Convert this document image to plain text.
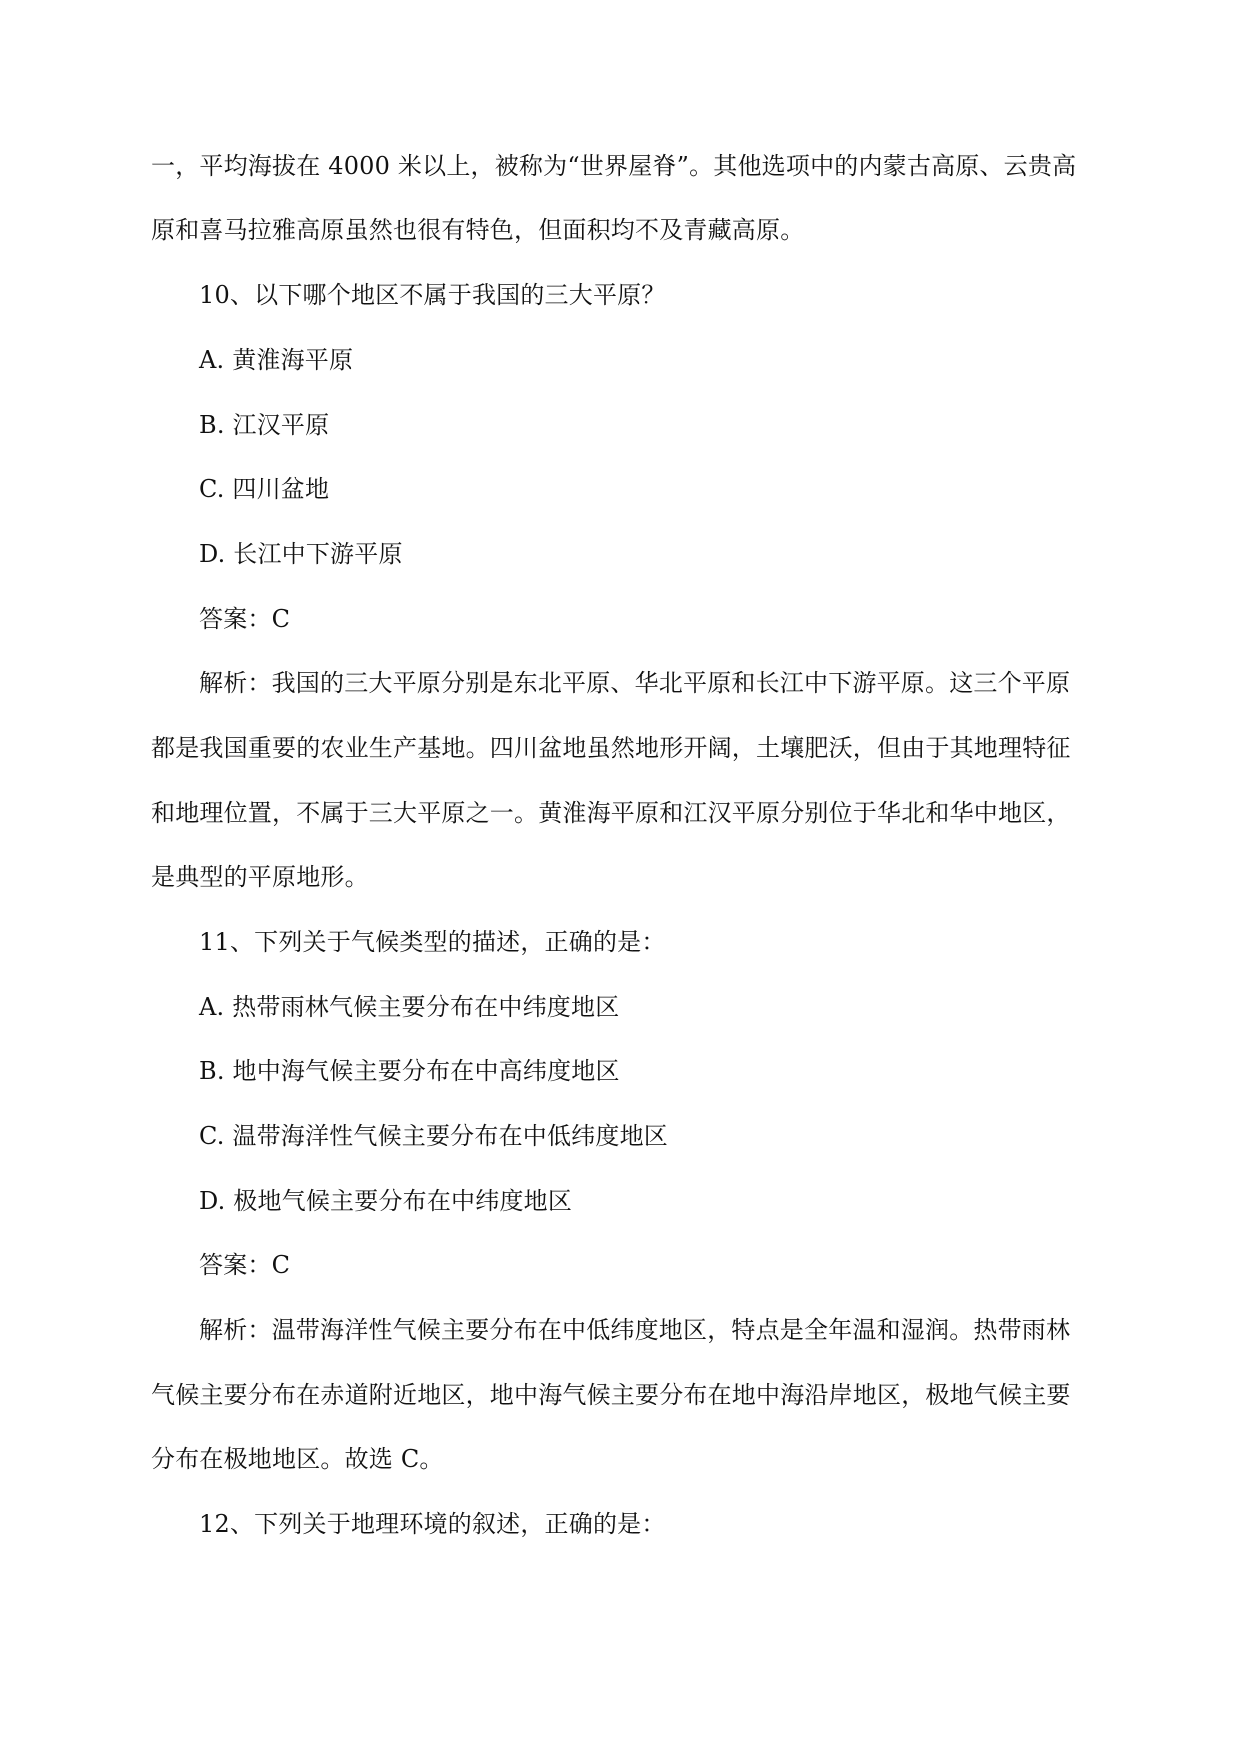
一，平均海拔在 4000 米以上，被称为“世界屋脊”。其他选项中的内蒙古高原、云贵高
原和喜马拉雅高原虽然也很有特色，但面积均不及青藏高原。
10、以下哪个地区不属于我国的三大平原？
A. 黄淮海平原
B. 江汉平原
C. 四川盆地
D. 长江中下游平原
答案：C
解析：我国的三大平原分别是东北平原、华北平原和长江中下游平原。这三个平原
都是我国重要的农业生产基地。四川盆地虽然地形开阔，土壤肥沃，但由于其地理特征
和地理位置，不属于三大平原之一。黄淮海平原和江汉平原分别位于华北和华中地区，
是典型的平原地形。
11、下列关于气候类型的描述，正确的是：
A. 热带雨林气候主要分布在中纬度地区
B. 地中海气候主要分布在中高纬度地区
C. 温带海洋性气候主要分布在中低纬度地区
D. 极地气候主要分布在中纬度地区
答案：C
解析：温带海洋性气候主要分布在中低纬度地区，特点是全年温和湿润。热带雨林
气候主要分布在赤道附近地区，地中海气候主要分布在地中海沿岸地区，极地气候主要
分布在极地地区。故选 C。
12、下列关于地理环境的叙述，正确的是：
